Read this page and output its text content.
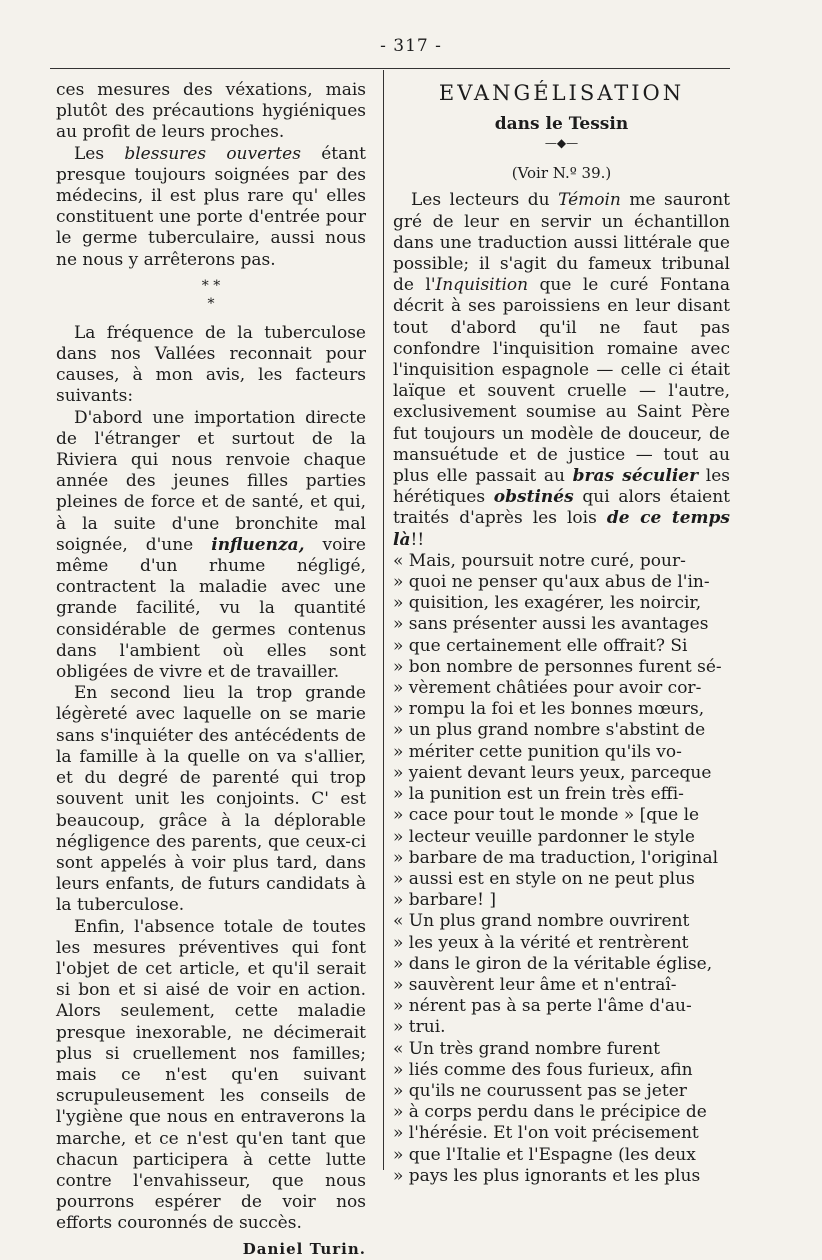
- 317 -

ces mesures des véxations, mais plutôt des précautions hygiéniques au profit de leurs proches.

Les blessures ouvertes étant presque toujours soignées par des médecins, il est plus rare qu' elles constituent une porte d'entrée pour le germe tuberculaire, aussi nous ne nous y arrêterons pas.

* *
*

La fréquence de la tuberculose dans nos Vallées reconnait pour causes, à mon avis, les facteurs suivants:

D'abord une importation directe de l'étranger et surtout de la Riviera qui nous renvoie chaque année des jeunes filles parties pleines de force et de santé, et qui, à la suite d'une bronchite mal soignée, d'une influenza, voire même d'un rhume négligé, contractent la maladie avec une grande facilité, vu la quantité considérable de germes contenus dans l'ambient où elles sont obligées de vivre et de travailler.

En second lieu la trop grande légèreté avec laquelle on se marie sans s'inquiéter des antécédents de la famille à la quelle on va s'allier, et du degré de parenté qui trop souvent unit les conjoints. C' est beaucoup, grâce à la déplorable négligence des parents, que ceux-ci sont appelés à voir plus tard, dans leurs enfants, de futurs candidats à la tuberculose.

Enfin, l'absence totale de toutes les mesures préventives qui font l'objet de cet article, et qu'il serait si bon et si aisé de voir en action. Alors seulement, cette maladie presque inexorable, ne décimerait plus si cruellement nos familles; mais ce n'est qu'en suivant scrupuleusement les conseils de l'ygiène que nous en entraverons la marche, et ce n'est qu'en tant que chacun participera à cette lutte contre l'envahisseur, que nous pourrons espérer de voir nos efforts couronnés de succès.

Daniel Turin.
EVANGÉLISATION
dans le Tessin
—◆—
(Voir N.º 39.)

Les lecteurs du Témoin me sauront gré de leur en servir un échantillon dans une traduction aussi littérale que possible; il s'agit du fameux tribunal de l'Inquisition que le curé Fontana décrit à ses paroissiens en leur disant tout d'abord qu'il ne faut pas confondre l'inquisition romaine avec l'inquisition espagnole — celle ci était laïque et souvent cruelle — l'autre, exclusivement soumise au Saint Père fut toujours un modèle de douceur, de mansuétude et de justice — tout au plus elle passait au bras séculier les hérétiques obstinés qui alors étaient traités d'après les lois de ce temps là!!

« Mais, poursuit notre curé, pour-
» quoi ne penser qu'aux abus de l'in-
» quisition, les exagérer, les noircir,
» sans présenter aussi les avantages
» que certainement elle offrait? Si
» bon nombre de personnes furent sé-
» vèrement châtiées pour avoir cor-
» rompu la foi et les bonnes mœurs,
» un plus grand nombre s'abstint de
» mériter cette punition qu'ils vo-
» yaient devant leurs yeux, parceque
» la punition est un frein très effi-
» cace pour tout le monde » [que le
» lecteur veuille pardonner le style
» barbare de ma traduction, l'original
» aussi est en style on ne peut plus
» barbare! ]
« Un plus grand nombre ouvrirent
» les yeux à la vérité et rentrèrent
» dans le giron de la véritable église,
» sauvèrent leur âme et n'entraî-
» nérent pas à sa perte l'âme d'au-
» trui.
« Un très grand nombre furent
» liés comme des fous furieux, afin
» qu'ils ne courussent pas se jeter
» à corps perdu dans le précipice de
» l'hérésie. Et l'on voit précisement
» que l'Italie et l'Espagne (les deux
» pays les plus ignorants et les plus
